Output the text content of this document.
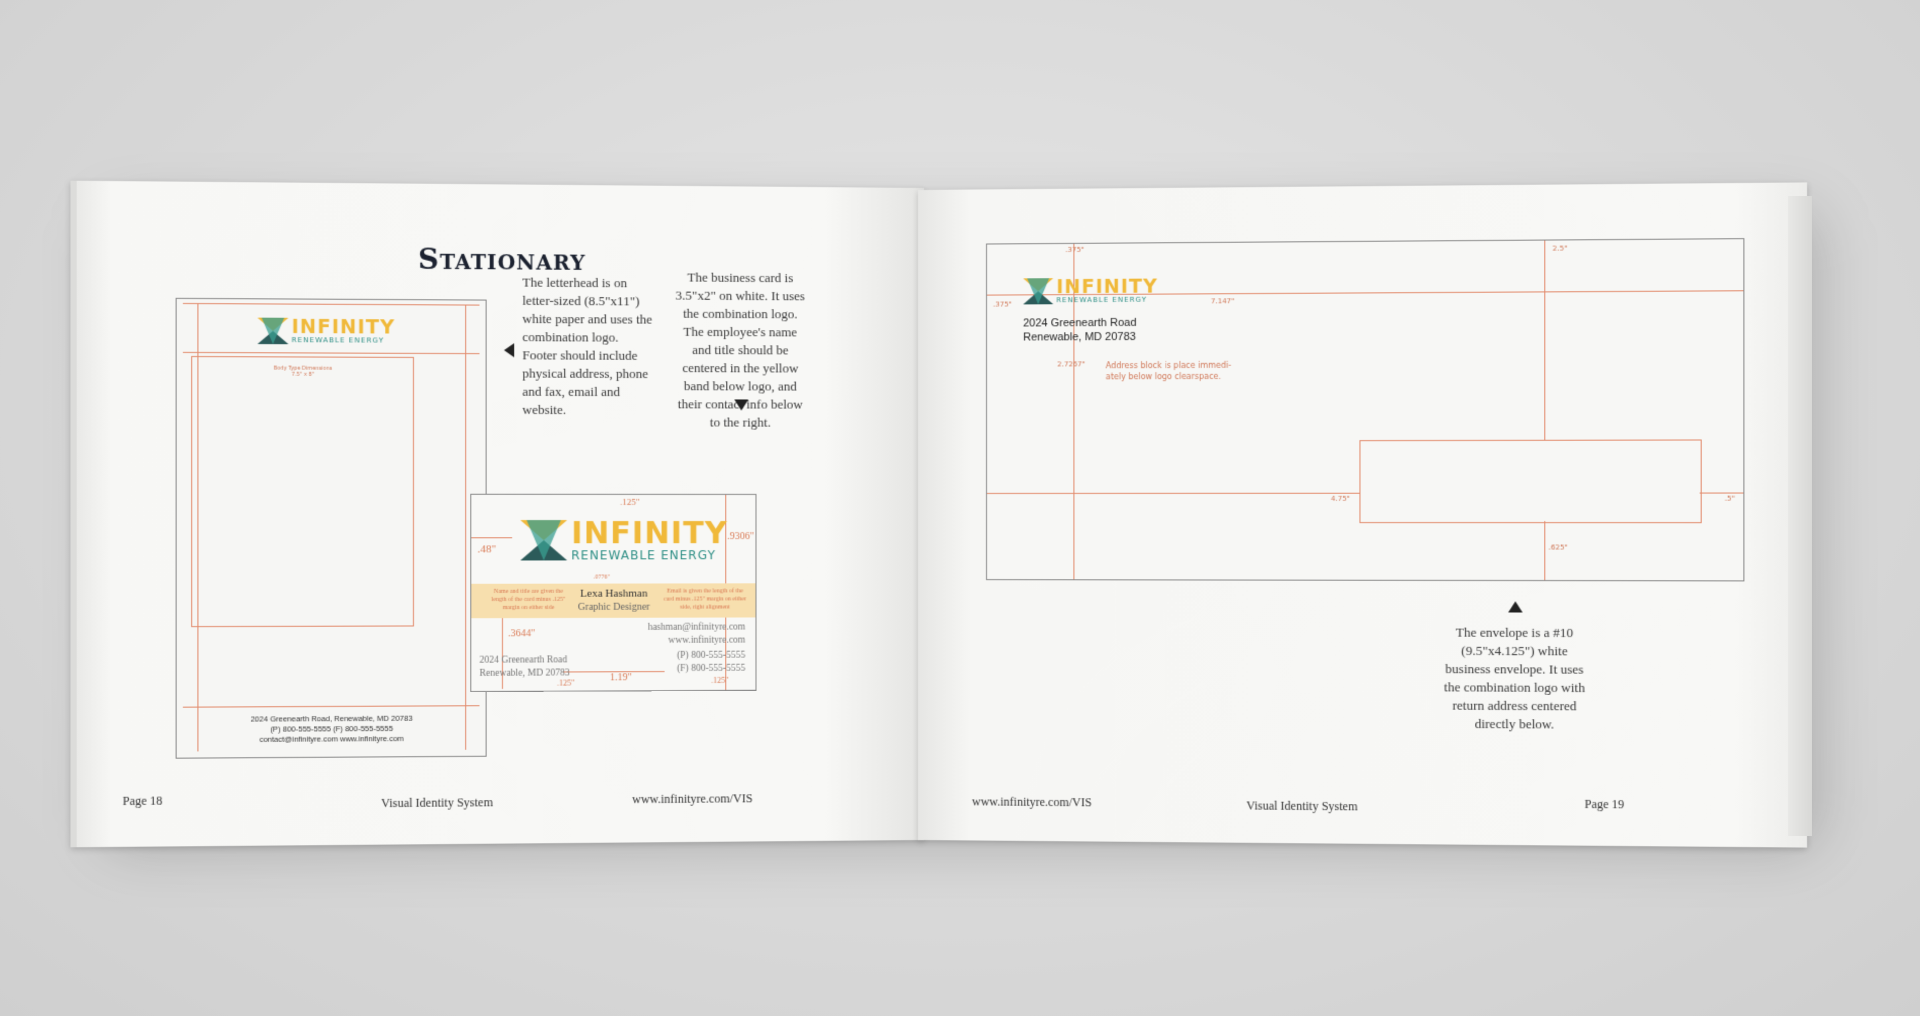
Stationary
INFINITY
RENEWABLE ENERGY
Body Type Dimensions
7.5" x 8"
2024 Greenearth Road, Renewable, MD 20783
(P) 800-555-5555 (F) 800-555-5555
contact@infinityre.com www.infinityre.com
The letterhead is on letter-sized (8.5"x11") white paper and uses the combination logo. Footer should include physical address, phone and fax, email and website.
The business card is 3.5"x2" on white. It uses the combination logo. The employee's name and title should be centered in the yellow band below logo, and their contact info below to the right.
.125"
.9306"
.48"	INFINITY
RENEWABLE ENERGY
.0776"
Name and title are given the length of the card minus .125" margin on either side
Lexa Hashman
Graphic Designer
Email is given the length of the card minus .125" margin on either side, right alignment
hashman@infinityre.com
www.infinityre.com
(P) 800-555-5555
(F) 800-555-5555
.3644"
2024 Greenearth Road
Renewable, MD 20783
.125"	1.19"	.125"
Page 18	Visual Identity System	www.infinityre.com/VIS
.375"
.375"
2.5"
7.147"
2.7267"	Address block is place immedi-
ately below logo clearspace.
4.75"	.5"
.625"
INFINITY
RENEWABLE ENERGY
2024 Greenearth Road
Renewable, MD 20783
The envelope is a #10 (9.5"x4.125") white business envelope. It uses the combination logo with return address centered directly below.
www.infinityre.com/VIS	Visual Identity System	Page 19
